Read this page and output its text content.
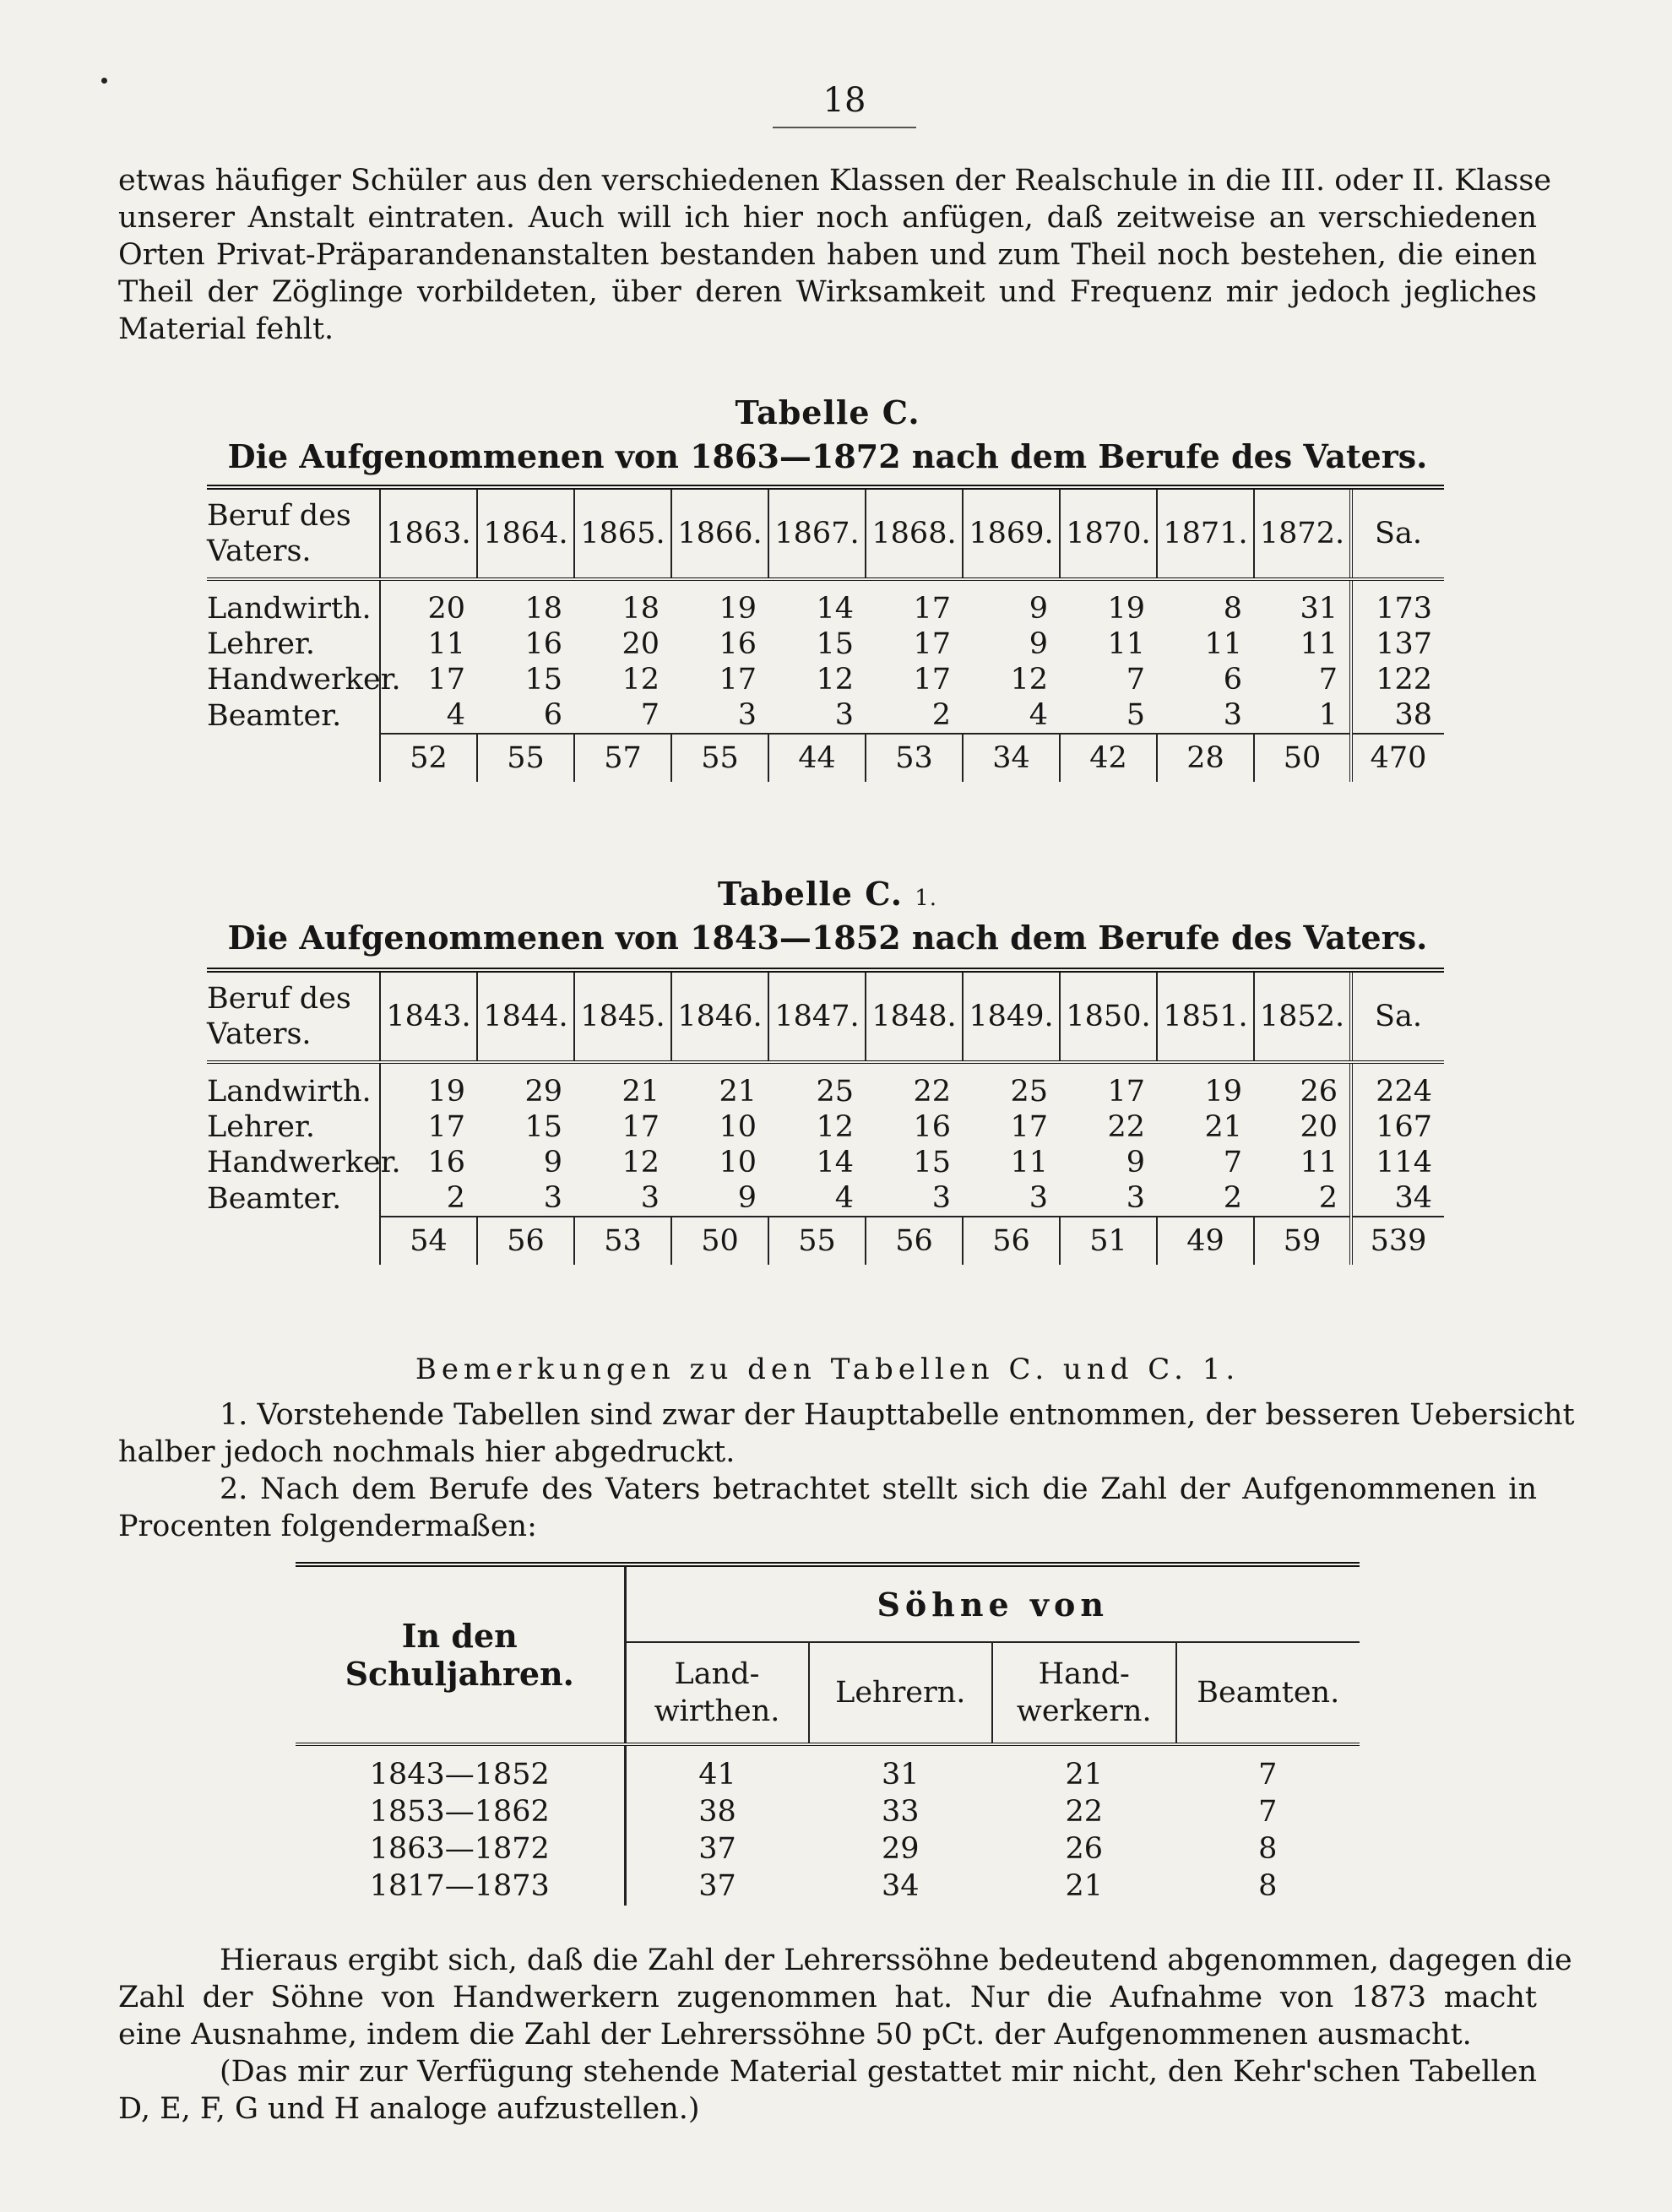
18
etwas häufiger Schüler aus den verschiedenen Klassen der Realschule in die III. oder II. Klasse
unserer Anstalt eintraten. Auch will ich hier noch anfügen, daß zeitweise an verschiedenen
Orten Privat-Präparandenanstalten bestanden haben und zum Theil noch bestehen, die einen
Theil der Zöglinge vorbildeten, über deren Wirksamkeit und Frequenz mir jedoch jegliches
Material fehlt.
Tabelle C.
Die Aufgenommenen von 1863—1872 nach dem Berufe des Vaters.
Beruf des
Vaters.	1863.	1864.	1865.	1866.	1867.	1868.	1869.	1870.	1871.	1872.	Sa.

Landwirth.	20	18	18	19	14	17	9	19	8	31	173
Lehrer.	11	16	20	16	15	17	9	11	11	11	137
Handwerker.	17	15	12	17	12	17	12	7	6	7	122
Beamter.	4	6	7	3	3	2	4	5	3	1	38
	52	55	57	55	44	53	34	42	28	50	470
Tabelle C. 1.
Die Aufgenommenen von 1843—1852 nach dem Berufe des Vaters.
Beruf des
Vaters.	1843.	1844.	1845.	1846.	1847.	1848.	1849.	1850.	1851.	1852.	Sa.

Landwirth.	19	29	21	21	25	22	25	17	19	26	224
Lehrer.	17	15	17	10	12	16	17	22	21	20	167
Handwerker.	16	9	12	10	14	15	11	9	7	11	114
Beamter.	2	3	3	9	4	3	3	3	2	2	34
	54	56	53	50	55	56	56	51	49	59	539
Bemerkungen zu den Tabellen C. und C. 1.
1. Vorstehende Tabellen sind zwar der Haupttabelle entnommen, der besseren Uebersicht
halber jedoch nochmals hier abgedruckt.
2. Nach dem Berufe des Vaters betrachtet stellt sich die Zahl der Aufgenommenen in
Procenten folgendermaßen:
In den Schuljahren.	Söhne von			
	Land-
wirthen.	Lehrern.	Hand-
werkern.	Beamten.
1843—1852	41	31	21	7
1853—1862	38	33	22	7
1863—1872	37	29	26	8
1817—1873	37	34	21	8
Hieraus ergibt sich, daß die Zahl der Lehrerssöhne bedeutend abgenommen, dagegen die
Zahl der Söhne von Handwerkern zugenommen hat. Nur die Aufnahme von 1873 macht
eine Ausnahme, indem die Zahl der Lehrerssöhne 50 pCt. der Aufgenommenen ausmacht.
(Das mir zur Verfügung stehende Material gestattet mir nicht, den Kehr'schen Tabellen
D, E, F, G und H analoge aufzustellen.)
